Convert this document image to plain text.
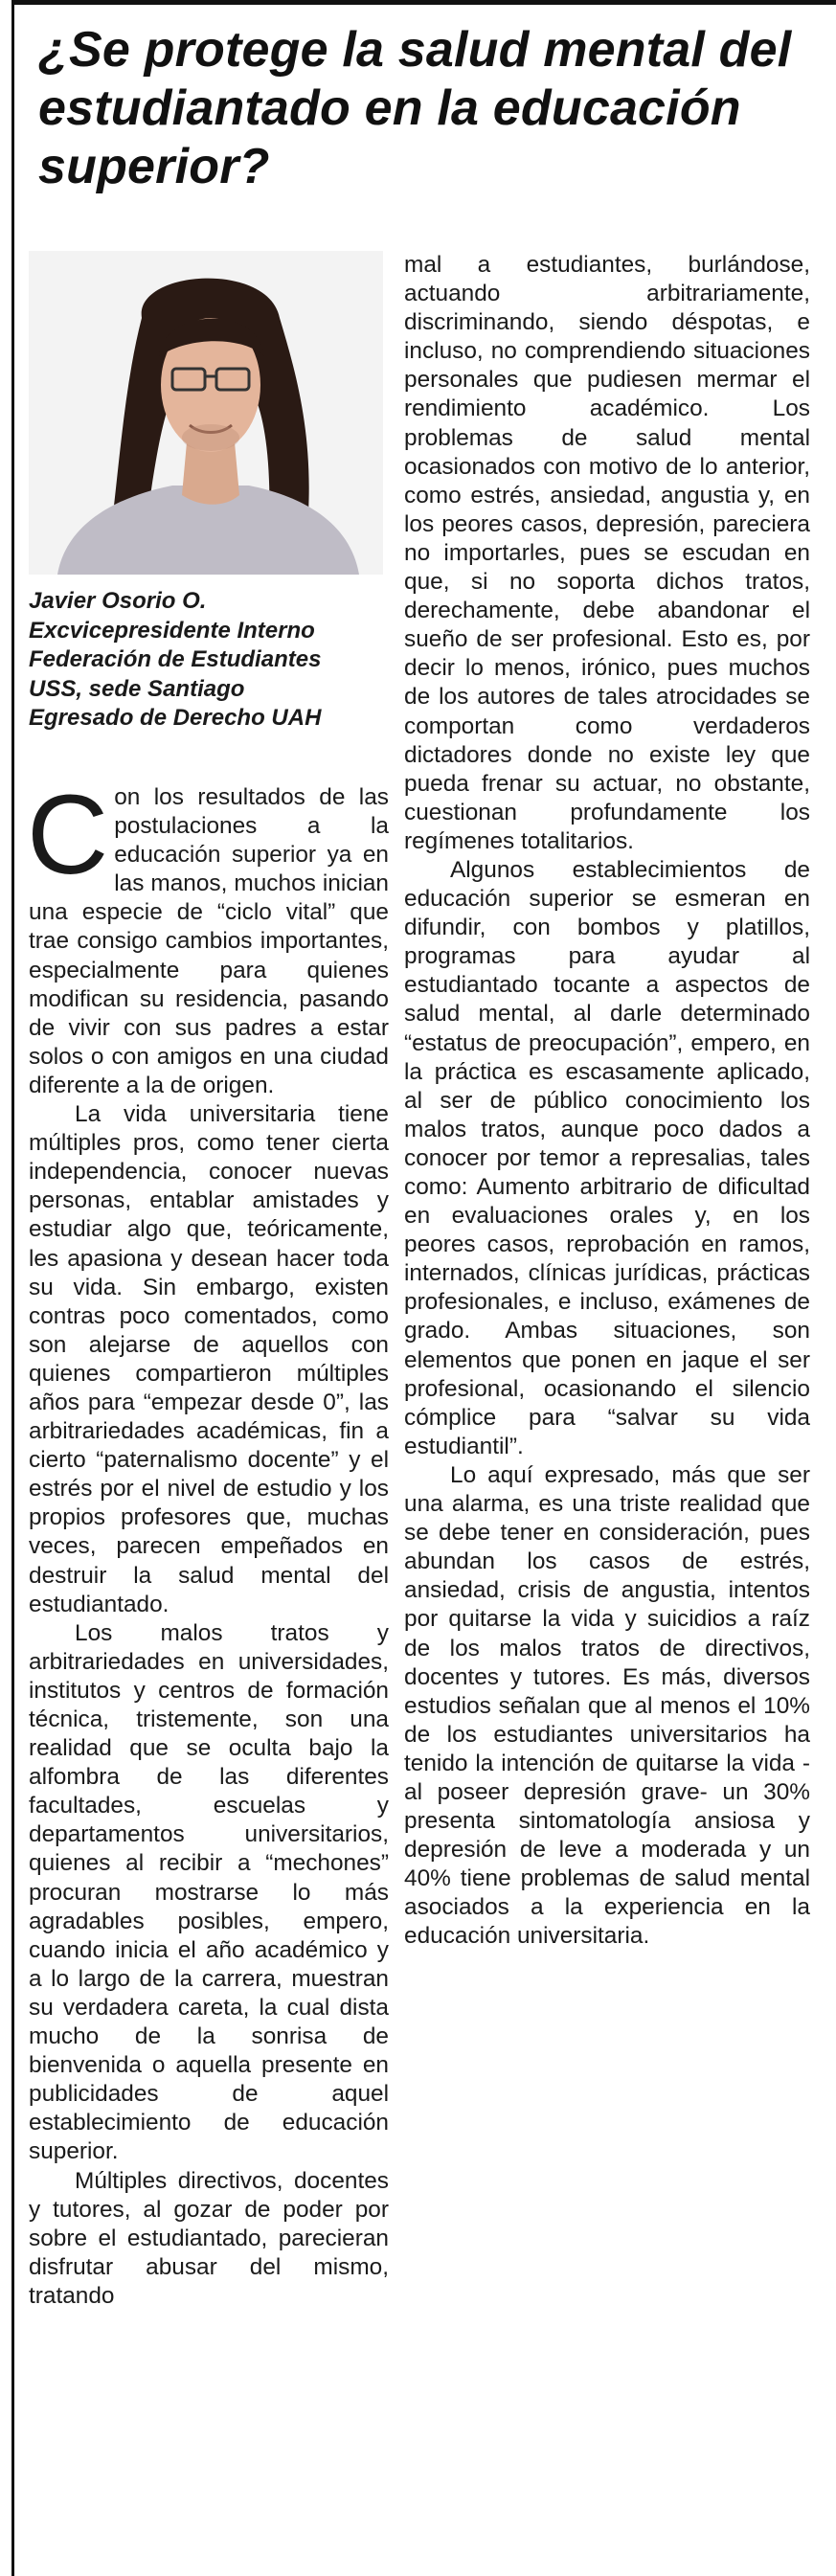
¿Se protege la salud mental del estudiantado en la educación superior?
Javier Osorio O.
Excvicepresidente Interno
Federación de Estudiantes
USS, sede Santiago
Egresado de Derecho UAH

Con los resultados de las postulaciones a la educación superior ya en las manos, muchos inician una especie de “ciclo vital” que trae consigo cambios importantes, especialmente para quienes modifican su residencia, pasando de vivir con sus padres a estar solos o con amigos en una ciudad diferente a la de origen.

La vida universitaria tiene múltiples pros, como tener cierta independencia, conocer nuevas personas, entablar amistades y estudiar algo que, teóricamente, les apasiona y desean hacer toda su vida. Sin embargo, existen contras poco comentados, como son alejarse de aquellos con quienes compartieron múltiples años para “empezar desde 0”, las arbitrariedades académicas, fin a cierto “paternalismo docente” y el estrés por el nivel de estudio y los propios profesores que, muchas veces, parecen empeñados en destruir la salud mental del estudiantado.

Los malos tratos y arbitrariedades en universidades, institutos y centros de formación técnica, tristemente, son una realidad que se oculta bajo la alfombra de las diferentes facultades, escuelas y departamentos universitarios, quienes al recibir a “mechones” procuran mostrarse lo más agradables posibles, empero, cuando inicia el año académico y a lo largo de la carrera, muestran su verdadera careta, la cual dista mucho de la sonrisa de bienvenida o aquella presente en publicidades de aquel establecimiento de educación superior.

Múltiples directivos, docentes y tutores, al gozar de poder por sobre el estudiantado, parecieran disfrutar abusar del mismo, tratando

mal a estudiantes, burlándose, actuando arbitrariamente, discriminando, siendo déspotas, e incluso, no comprendiendo situaciones personales que pudiesen mermar el rendimiento académico. Los problemas de salud mental ocasionados con motivo de lo anterior, como estrés, ansiedad, angustia y, en los peores casos, depresión, pareciera no importarles, pues se escudan en que, si no soporta dichos tratos, derechamente, debe abandonar el sueño de ser profesional. Esto es, por decir lo menos, irónico, pues muchos de los autores de tales atrocidades se comportan como verdaderos dictadores donde no existe ley que pueda frenar su actuar, no obstante, cuestionan profundamente los regímenes totalitarios.

Algunos establecimientos de educación superior se esmeran en difundir, con bombos y platillos, programas para ayudar al estudiantado tocante a aspectos de salud mental, al darle determinado “estatus de preocupación”, empero, en la práctica es escasamente aplicado, al ser de público conocimiento los malos tratos, aunque poco dados a conocer por temor a represalias, tales como: Aumento arbitrario de dificultad en evaluaciones orales y, en los peores casos, reprobación en ramos, internados, clínicas jurídicas, prácticas profesionales, e incluso, exámenes de grado. Ambas situaciones, son elementos que ponen en jaque el ser profesional, ocasionando el silencio cómplice para “salvar su vida estudiantil”.

Lo aquí expresado, más que ser una alarma, es una triste realidad que se debe tener en consideración, pues abundan los casos de estrés, ansiedad, crisis de angustia, intentos por quitarse la vida y suicidios a raíz de los malos tratos de directivos, docentes y tutores. Es más, diversos estudios señalan que al menos el 10% de los estudiantes universitarios ha tenido la intención de quitarse la vida -al poseer depresión grave- un 30% presenta sintomatología ansiosa y depresión de leve a moderada y un 40% tiene problemas de salud mental asociados a la experiencia en la educación universitaria.
